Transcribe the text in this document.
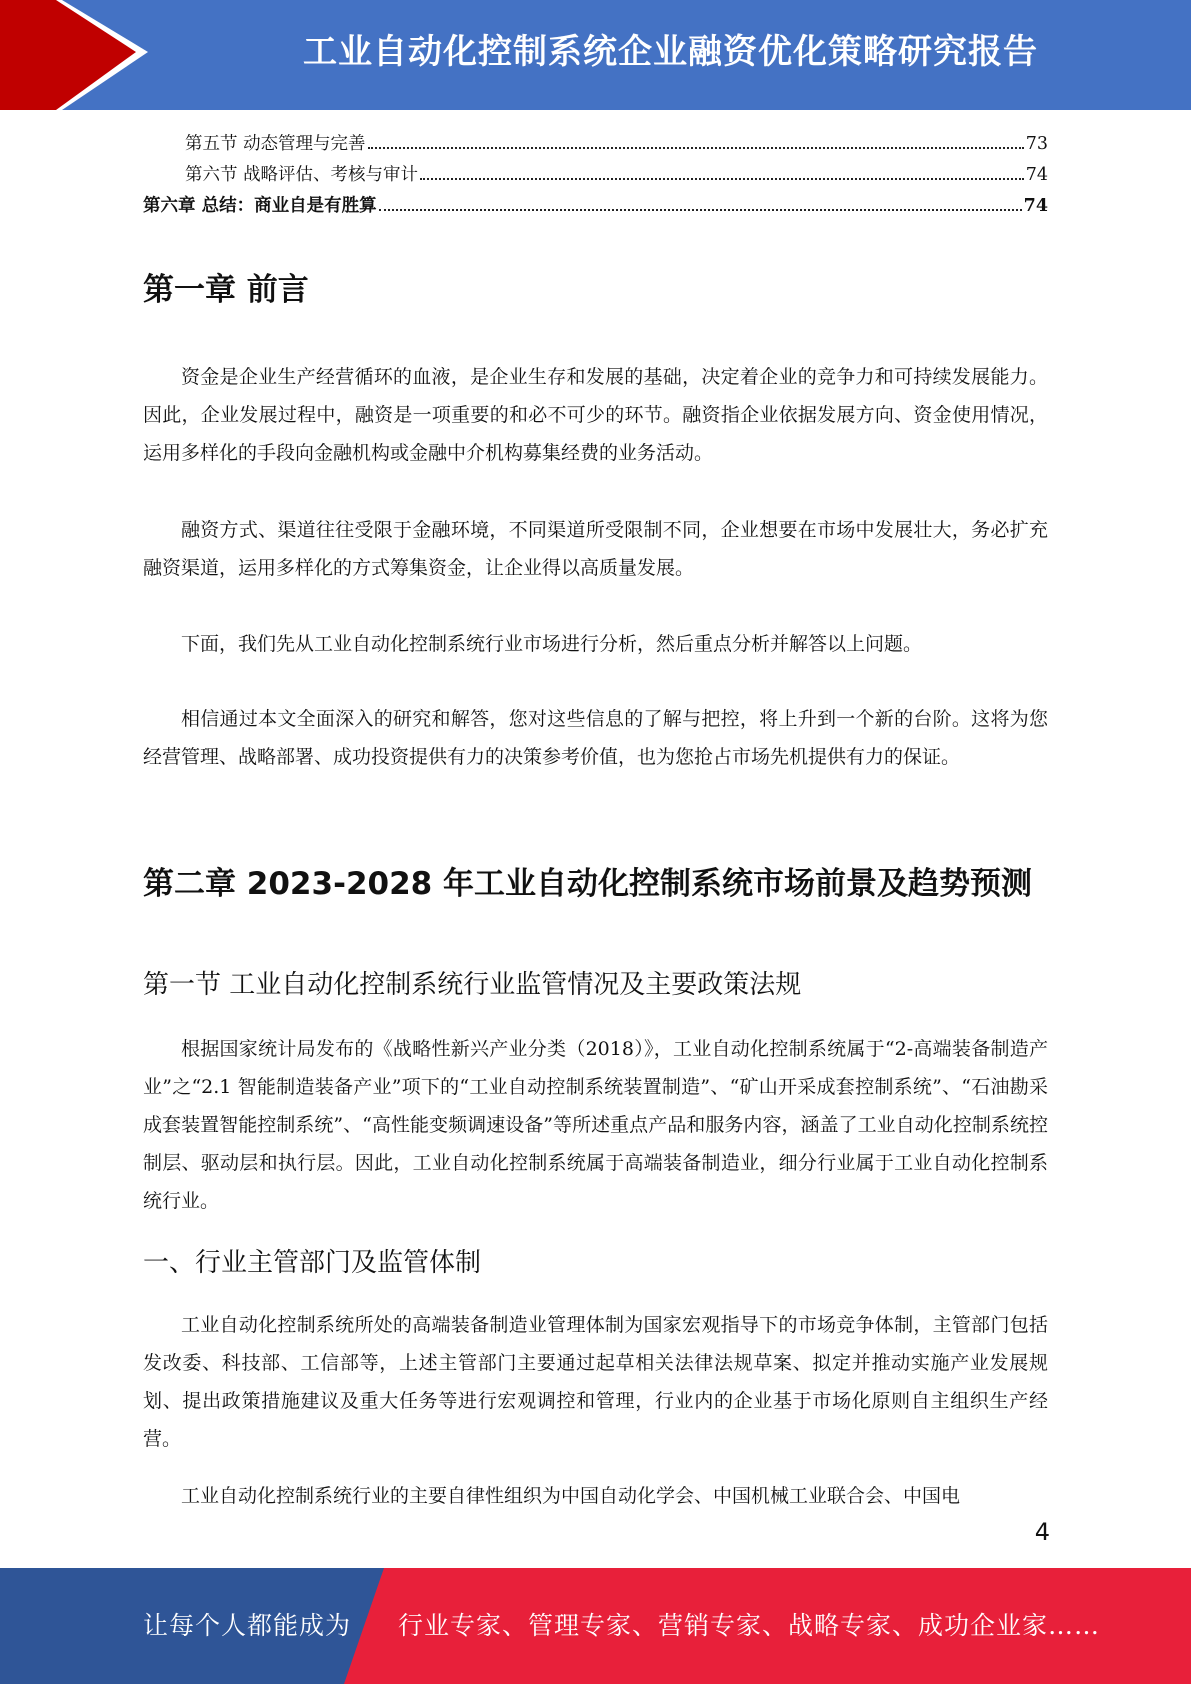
工业自动化控制系统企业融资优化策略研究报告
第五节 动态管理与完善	73
第六节 战略评估、考核与审计	74
第六章 总结：商业自是有胜算	74
第一章 前言

资金是企业生产经营循环的血液，是企业生存和发展的基础，决定着企业的竞争力和可持续发展能力。因此，企业发展过程中，融资是一项重要的和必不可少的环节。融资指企业依据发展方向、资金使用情况，运用多样化的手段向金融机构或金融中介机构募集经费的业务活动。

融资方式、渠道往往受限于金融环境，不同渠道所受限制不同，企业想要在市场中发展壮大，务必扩充融资渠道，运用多样化的方式筹集资金，让企业得以高质量发展。

下面，我们先从工业自动化控制系统行业市场进行分析，然后重点分析并解答以上问题。

相信通过本文全面深入的研究和解答，您对这些信息的了解与把控，将上升到一个新的台阶。这将为您经营管理、战略部署、成功投资提供有力的决策参考价值，也为您抢占市场先机提供有力的保证。

第二章 2023-2028 年工业自动化控制系统市场前景及趋势预测
第一节 工业自动化控制系统行业监管情况及主要政策法规

根据国家统计局发布的《战略性新兴产业分类（2018）》，工业自动化控制系统属于“2-高端装备制造产业”之“2.1 智能制造装备产业”项下的“工业自动控制系统装置制造”、“矿山开采成套控制系统”、“石油勘采成套装置智能控制系统”、“高性能变频调速设备”等所述重点产品和服务内容，涵盖了工业自动化控制系统控制层、驱动层和执行层。因此，工业自动化控制系统属于高端装备制造业，细分行业属于工业自动化控制系统行业。

一、行业主管部门及监管体制

工业自动化控制系统所处的高端装备制造业管理体制为国家宏观指导下的市场竞争体制，主管部门包括发改委、科技部、工信部等，上述主管部门主要通过起草相关法律法规草案、拟定并推动实施产业发展规划、提出政策措施建议及重大任务等进行宏观调控和管理，行业内的企业基于市场化原则自主组织生产经营。

工业自动化控制系统行业的主要自律性组织为中国自动化学会、中国机械工业联合会、中国电

4
让每个人都能成为 行业专家、管理专家、营销专家、战略专家、成功企业家……
